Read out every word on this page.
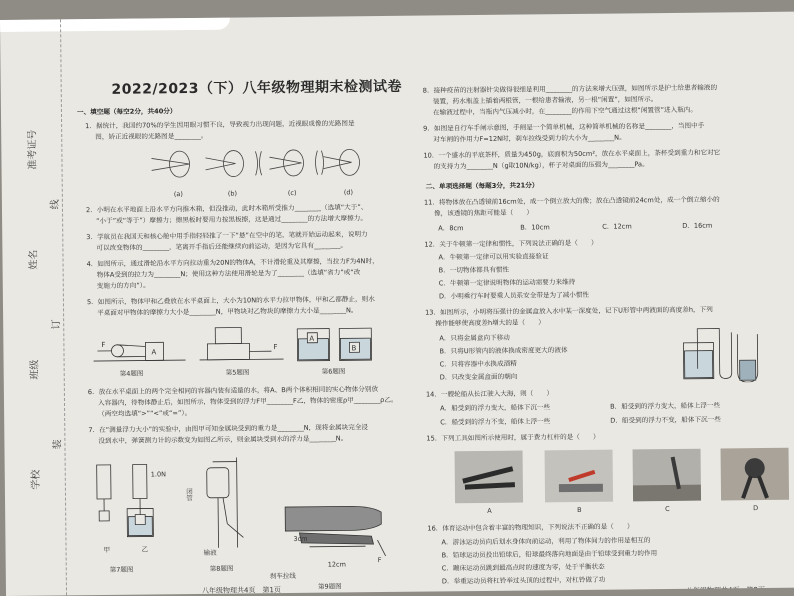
学校
班级
姓名
准考证号
装
订
线
2022/2023（下）八年级物理期末检测试卷
一、填空题（每空2分，共40分）
1．据统计，我国约70%的学生因用眼习惯不良，导致视力出现问题，近视眼成像的光路图是
图，矫正近视眼的光路图是________。
(a)	(b)	(c)	(d)
2．小明在水平地面上沿水平方向推木箱，但没推动，此时木箱所受推力________（选填“大于”、
“小于”或“等于”）摩擦力；擦黑板时要用力按黑板擦，这是通过________的方法增大摩擦力。
3．学航员在我国天和核心舱中用手指轻轻推了一下“悬”在空中的笔，笔就开始运动起来，说明力
可以改变物体的________，笔离开手指后还能继续向前运动，是因为它具有________。
4．如图所示，通过滑轮沿水平方向拉动重为20N的物体A，不计滑轮重及其摩擦，当拉力F为4N时，
物体A受到的拉力为________N；使用这种方法使用滑轮是为了________（选填“省力”或“改
变施力的方向”）。
5．如图所示，物体甲和乙叠放在水平桌面上，大小为10N的水平力拉甲物体，甲和乙都静止，则水
平桌面对甲物体的摩擦力大小是________N，甲物块对乙物块的摩擦力大小是________N。
F
A
F
A
B
第4题图	第5题图	第6题图
6．放在水平桌面上的两个完全相同的容器内装有适量的水，将A、B两个体积相同的实心物体分别放
入容器内，待物体静止后，如图所示，物体受到的浮力F甲________F乙，物体的密度ρ甲________ρ乙。
（两空均选填“>”“<”或“=”）。
7．在“测量浮力大小”的实验中，由图甲可知金属块受到的重力是________N，现将金属块完全浸
没到水中，弹簧测力计的示数变为如图乙所示，则金属块受到水的浮力是________N。
甲	乙
1.0N
第7题图
闭管
输液
第8题图
3cm
12cm
刹车拉线
F
第9题图
八年级物理共4页　第1页
8．接种疫苗的注射器针尖做得很细是利用________的方法来增大压强，如图所示是护士给患者输液的
装置，药水瓶盖上插着两根管，一根给患者输液，另一根“闲置”，如图所示。
在输液过程中，当瓶内气压减小时，在________的作用下空气通过这根“闲置管”进入瓶内。
9．如图是自行车手闸示意图，手闸是一个简单机械，这种简单机械的名称是________，当图中手
对车闸的作用力F=12N时，刹车拉线受到力的大小为________N。
10．一个盛水的平底茶杯，质量为450g，底面积为50cm²，放在水平桌面上，茶杯受到重力和它对它
的支持力为________N（g取10N/kg），杯子对桌面的压强为________Pa。
二、单项选择题（每题3分，共21分）
11．将物体放在凸透镜前16cm处，成一个倒立放大的像；放在凸透镜前24cm处，成一个倒立缩小的
像，该透镜的焦距可能是（　　）
A．8cm	B．10cm	C．12cm	D．16cm
12．关于牛顿第一定律和惯性，下列说法正确的是（　　）
A．牛顿第一定律可以用实验直接验证
B．一切物体都具有惯性
C．牛顿第一定律说明物体的运动需要力来维持
D．小明乘行车时要乘人员系安全带是为了减小惯性
13．如图所示，小明将压强计的金属盒放入水中某一深度处，记下U形管中两液面的高度差h，下列
操作能够使高度差h增大的是（　　）
A．只将金属盒向下移动
B．只将U形管内的液体换成密度更大的液体
C．只将容器中水换成酒精
D．只改变金属盒面的朝向
14．一艘轮船从长江驶入大海，则（　　）
A．船受到的浮力变大，船体下沉一些	B．船受到的浮力变大，船体上浮一些
C．船受到的浮力不变，船体上浮一些	D．船受到的浮力不变，船体下沉一些
15．下列工具如图所示使用时，属于费力杠杆的是（　　）
A	B	C	D
16．体育运动中包含着丰富的物理知识，下列说法不正确的是（　　）
A．游泳运动员向后划水身体向前运动，利用了物体间力的作用是相互的
B．铅球运动员投出铅球后，铅球最终落向地面是由于铅球受到重力的作用
C．蹦床运动员跳到最高点时的速度为零，处于平衡状态
D．举重运动员将杠铃举过头顶的过程中，对杠铃做了功
八年级物理共4页　第2页
